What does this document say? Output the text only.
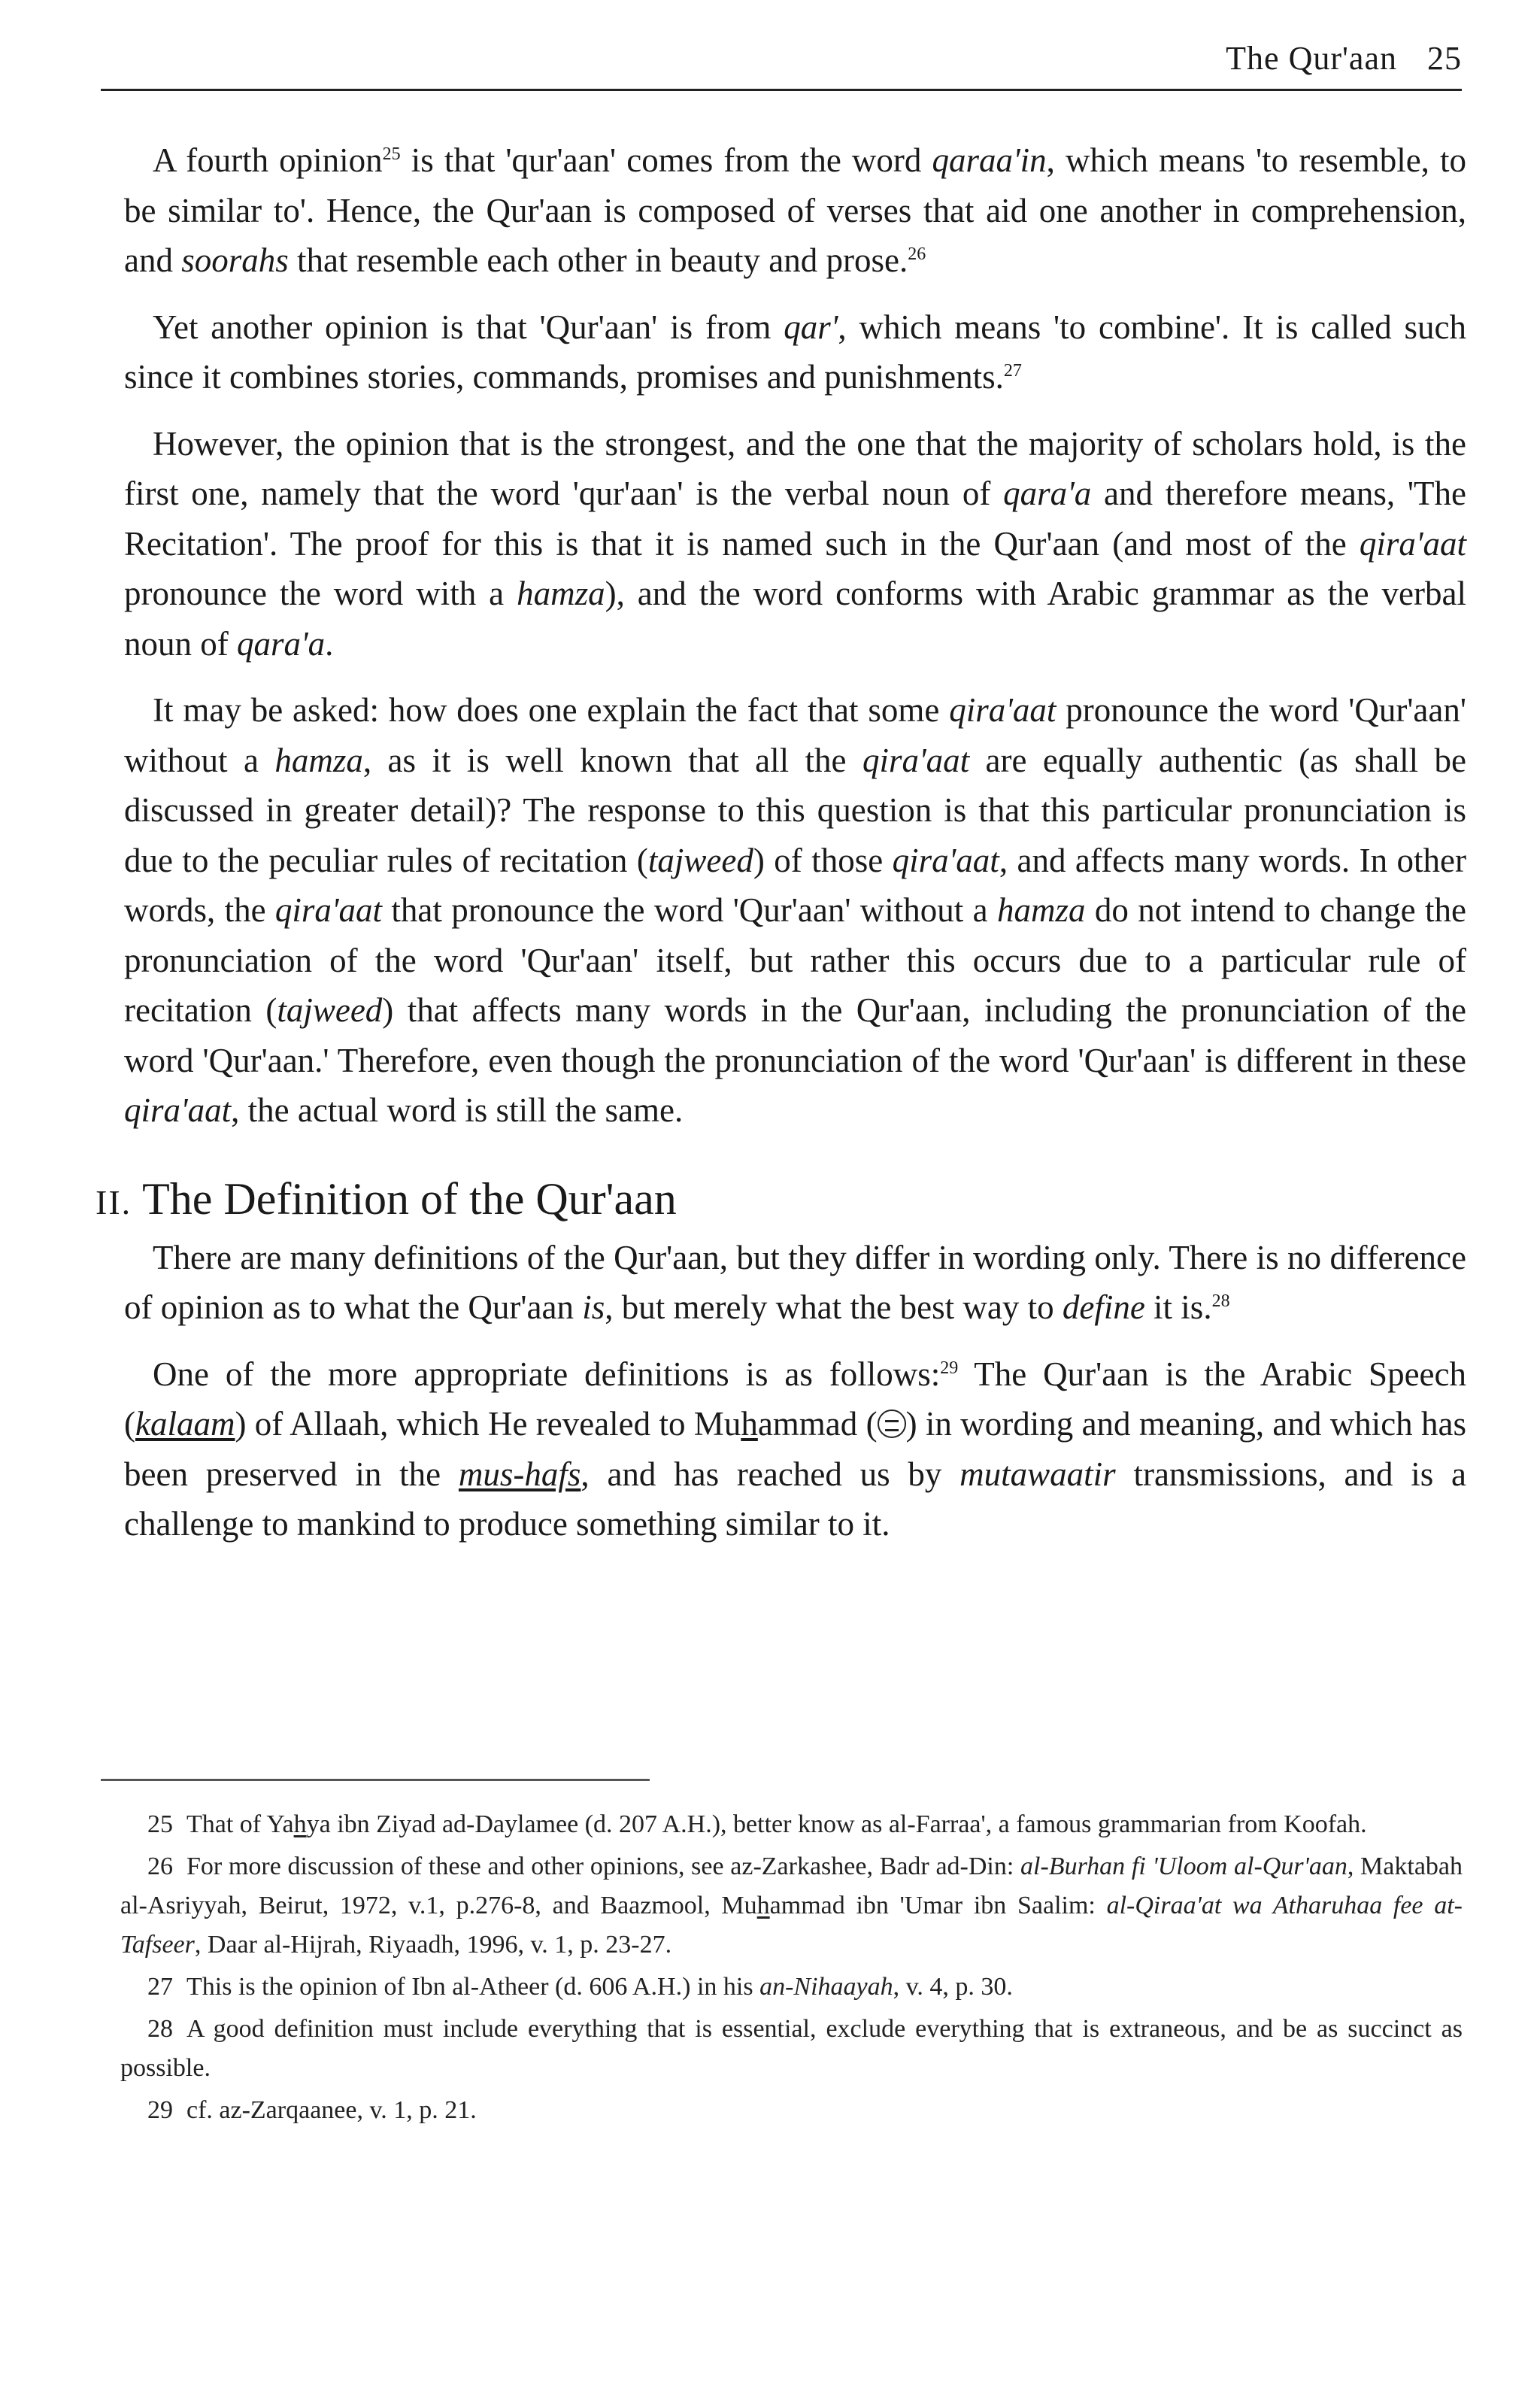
The Qur'aan 25

A fourth opinion$^{25}$ is that 'qur'aan' comes from the word qaraa'in, which means 'to resemble, to be similar to'. Hence, the Qur'aan is composed of verses that aid one another in comprehension, and soorahs that resemble each other in beauty and prose.$^{26}$

Yet another opinion is that 'Qur'aan' is from qar', which means 'to combine'. It is called such since it combines stories, commands, promises and punishments.$^{27}$

However, the opinion that is the strongest, and the one that the majority of scholars hold, is the first one, namely that the word 'qur'aan' is the verbal noun of qara'a and therefore means, 'The Recitation'. The proof for this is that it is named such in the Qur'aan (and most of the qira'aat pronounce the word with a hamza), and the word conforms with Arabic grammar as the verbal noun of qara'a.

It may be asked: how does one explain the fact that some qira'aat pronounce the word 'Qur'aan' without a hamza, as it is well known that all the qira'aat are equally authentic (as shall be discussed in greater detail)? The response to this question is that this particular pronunciation is due to the peculiar rules of recitation (tajweed) of those qira'aat, and affects many words. In other words, the qira'aat that pronounce the word 'Qur'aan' without a hamza do not intend to change the pronunciation of the word 'Qur'aan' itself, but rather this occurs due to a particular rule of recitation (tajweed) that affects many words in the Qur'aan, including the pronunciation of the word 'Qur'aan.' Therefore, even though the pronunciation of the word 'Qur'aan' is different in these qira'aat, the actual word is still the same.

II. The Definition of the Qur'aan

There are many definitions of the Qur'aan, but they differ in wording only. There is no difference of opinion as to what the Qur'aan is, but merely what the best way to define it is.$^{28}$

One of the more appropriate definitions is as follows:$^{29}$ The Qur'aan is the Arabic Speech (kalaam) of Allaah, which He revealed to Muhammad ( ) in wording and meaning, and which has been preserved in the mus-hafs, and has reached us by mutawaatir transmissions, and is a challenge to mankind to produce something similar to it.

25 That of Yahya ibn Ziyad ad-Daylamee (d. 207 A.H.), better know as al-Farraa', a famous grammarian from Koofah.
26 For more discussion of these and other opinions, see az-Zarkashee, Badr ad-Din: al-Burhan fi 'Uloom al-Qur'aan, Maktabah al-Asriyyah, Beirut, 1972, v.1, p.276-8, and Baazmool, Muhammad ibn 'Umar ibn Saalim: al-Qiraa'at wa Atharuhaa fee at-Tafseer, Daar al-Hijrah, Riyaadh, 1996, v. 1, p. 23-27.
27 This is the opinion of Ibn al-Atheer (d. 606 A.H.) in his an-Nihaayah, v. 4, p. 30.
28 A good definition must include everything that is essential, exclude everything that is extraneous, and be as succinct as possible.
29 cf. az-Zarqaanee, v. 1, p. 21.
